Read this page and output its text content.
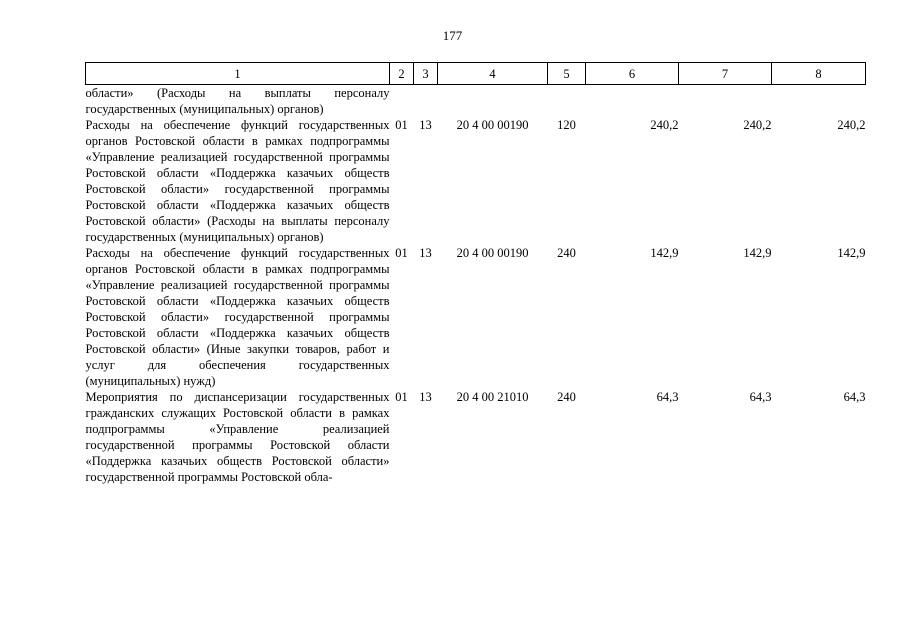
177
1	2	3	4	5	6	7	8
области» (Расходы на выплаты персоналу государственных (муниципальных) органов)							
Расходы на обеспечение функций государственных органов Ростовской области в рамках подпрограммы «Управление реализацией государственной программы Ростовской области «Поддержка казачьих обществ Ростовской области» государственной программы Ростовской области «Поддержка казачьих обществ Ростовской области» (Расходы на выплаты персоналу государственных (муниципальных) органов)	01	13	20 4 00 00190	120	240,2	240,2	240,2
Расходы на обеспечение функций государственных органов Ростовской области в рамках подпрограммы «Управление реализацией государственной программы Ростовской области «Поддержка казачьих обществ Ростовской области» государственной программы Ростовской области «Поддержка казачьих обществ Ростовской области» (Иные закупки товаров, работ и услуг для обеспечения государственных (муниципальных) нужд)	01	13	20 4 00 00190	240	142,9	142,9	142,9
Мероприятия по диспансеризации государственных гражданских служащих Ростовской области в рамках подпрограммы «Управление реализацией государственной программы Ростовской области «Поддержка казачьих обществ Ростовской области» государственной программы Ростовской обла-	01	13	20 4 00 21010	240	64,3	64,3	64,3
